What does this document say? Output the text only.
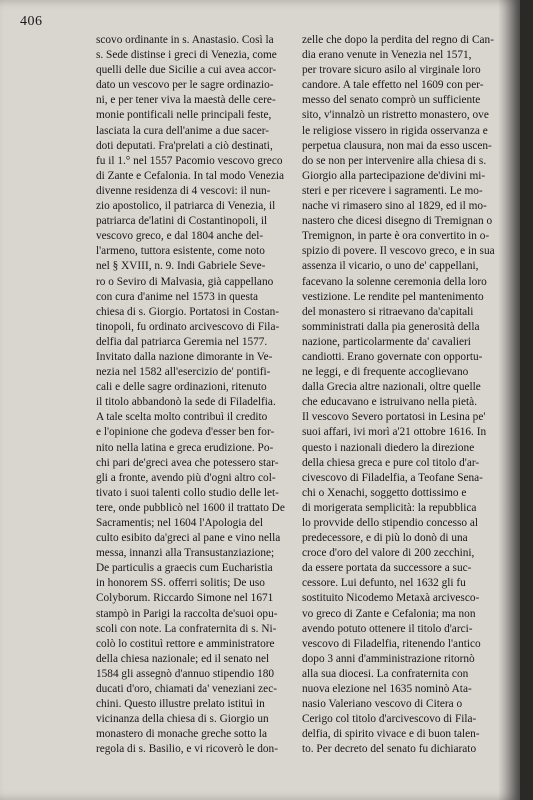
406
scovo ordinante in s. Anastasio. Così la
s. Sede distinse i greci di Venezia, come
quelli delle due Sicilie a cui avea accor-
dato un vescovo per le sagre ordinazio-
ni, e per tener viva la maestà delle cere-
monie pontificali nelle principali feste,
lasciata la cura dell'anime a due sacer-
doti deputati. Fra'prelati a ciò destinati,
fu il 1.° nel 1557 Pacomio vescovo greco
di Zante e Cefalonia. In tal modo Venezia
divenne residenza di 4 vescovi: il nun-
zio apostolico, il patriarca di Venezia, il
patriarca de'latini di Costantinopoli, il
vescovo greco, e dal 1804 anche del-
l'armeno, tuttora esistente, come noto
nel § XVIII, n. 9. Indi Gabriele Seve-
ro o Seviro di Malvasia, già cappellano
con cura d'anime nel 1573 in questa
chiesa di s. Giorgio. Portatosi in Costan-
tinopoli, fu ordinato arcivescovo di Fila-
delfia dal patriarca Geremia nel 1577.
Invitato dalla nazione dimorante in Ve-
nezia nel 1582 all'esercizio de' pontifi-
cali e delle sagre ordinazioni, ritenuto
il titolo abbandonò la sede di Filadelfia.
A tale scelta molto contribuì il credito
e l'opinione che godeva d'esser ben for-
nito nella latina e greca erudizione. Po-
chi pari de'greci avea che potessero star-
gli a fronte, avendo più d'ogni altro col-
tivato i suoi talenti collo studio delle let-
tere, onde pubblicò nel 1600 il trattato De
Sacramentis; nel 1604 l'Apologia del
culto esibito da'greci al pane e vino nella
messa, innanzi alla Transustanziazione;
De particulis a graecis cum Eucharistia
in honorem SS. offerri solitis; De uso
Colyborum. Riccardo Simone nel 1671
stampò in Parigi la raccolta de'suoi opu-
scoli con note. La confraternita di s. Ni-
colò lo costituì rettore e amministratore
della chiesa nazionale; ed il senato nel
1584 gli assegnò d'annuo stipendio 180
ducati d'oro, chiamati da' veneziani zec-
chini. Questo illustre prelato istituì in
vicinanza della chiesa di s. Giorgio un
monastero di monache greche sotto la
regola di s. Basilio, e vi ricoverò le don-
zelle che dopo la perdita del regno di Can-
dia erano venute in Venezia nel 1571,
per trovare sicuro asilo al virginale loro
candore. A tale effetto nel 1609 con per-
messo del senato comprò un sufficiente
sito, v'innalzò un ristretto monastero, ove
le religiose vissero in rigida osservanza e
perpetua clausura, non mai da esso uscen-
do se non per intervenire alla chiesa di s.
Giorgio alla partecipazione de'divini mi-
steri e per ricevere i sagramenti. Le mo-
nache vi rimasero sino al 1829, ed il mo-
nastero che dicesi disegno di Tremignan o
Tremignon, in parte è ora convertito in o-
spizio di povere. Il vescovo greco, e in sua
assenza il vicario, o uno de' cappellani,
facevano la solenne ceremonia della loro
vestizione. Le rendite pel mantenimento
del monastero si ritraevano da'capitali
somministrati dalla pia generosità della
nazione, particolarmente da' cavalieri
candiotti. Erano governate con opportu-
ne leggi, e di frequente accoglievano
dalla Grecia altre nazionali, oltre quelle
che educavano e istruivano nella pietà.
Il vescovo Severo portatosi in Lesina pe'
suoi affari, ivi morì a'21 ottobre 1616. In
questo i nazionali diedero la direzione
della chiesa greca e pure col titolo d'ar-
civescovo di Filadelfia, a Teofane Sena-
chi o Xenachi, soggetto dottissimo e
di morigerata semplicità: la repubblica
lo provvide dello stipendio concesso al
predecessore, e di più lo donò di una
croce d'oro del valore di 200 zecchini,
da essere portata da successore a suc-
cessore. Lui defunto, nel 1632 gli fu
sostituito Nicodemo Metaxà arcivesco-
vo greco di Zante e Cefalonia; ma non
avendo potuto ottenere il titolo d'arci-
vescovo di Filadelfia, ritenendo l'antico
dopo 3 anni d'amministrazione ritornò
alla sua diocesi. La confraternita con
nuova elezione nel 1635 nominò Ata-
nasio Valeriano vescovo di Citera o
Cerigo col titolo d'arcivescovo di Fila-
delfia, di spirito vivace e di buon talen-
to. Per decreto del senato fu dichiarato
